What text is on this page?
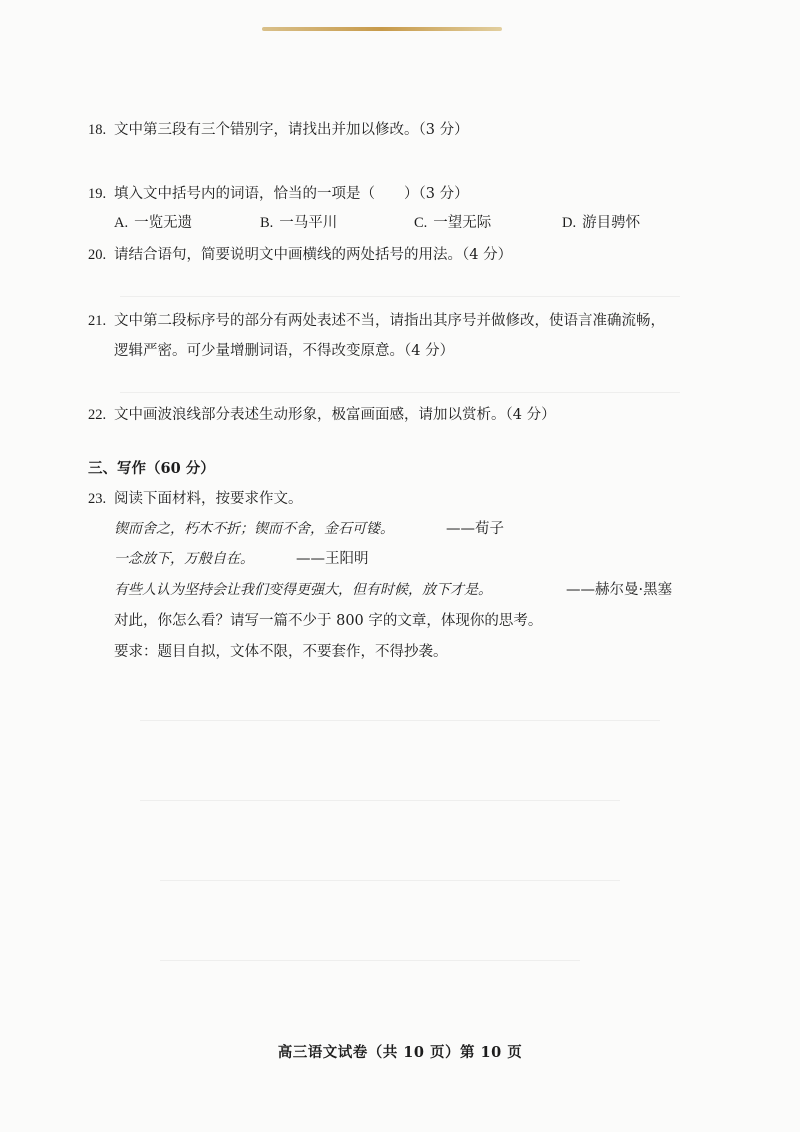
18. 文中第三段有三个错别字，请找出并加以修改。（3 分）
19. 填入文中括号内的词语，恰当的一项是（　　）（3 分）
A. 一览无遗	B. 一马平川	C. 一望无际	D. 游目骋怀
20. 请结合语句，简要说明文中画横线的两处括号的用法。（4 分）
21. 文中第二段标序号的部分有两处表述不当，请指出其序号并做修改，使语言准确流畅，
逻辑严密。可少量增删词语，不得改变原意。（4 分）
22. 文中画波浪线部分表述生动形象，极富画面感，请加以赏析。（4 分）
三、写作（60 分）
23. 阅读下面材料，按要求作文。
锲而舍之，朽木不折；锲而不舍，金石可镂。	——荀子
一念放下，万般自在。	——王阳明
有些人认为坚持会让我们变得更强大，但有时候，放下才是。	——赫尔曼·黑塞
对此，你怎么看？请写一篇不少于 800 字的文章，体现你的思考。
要求：题目自拟，文体不限，不要套作，不得抄袭。
高三语文试卷（共 10 页）第 10 页
